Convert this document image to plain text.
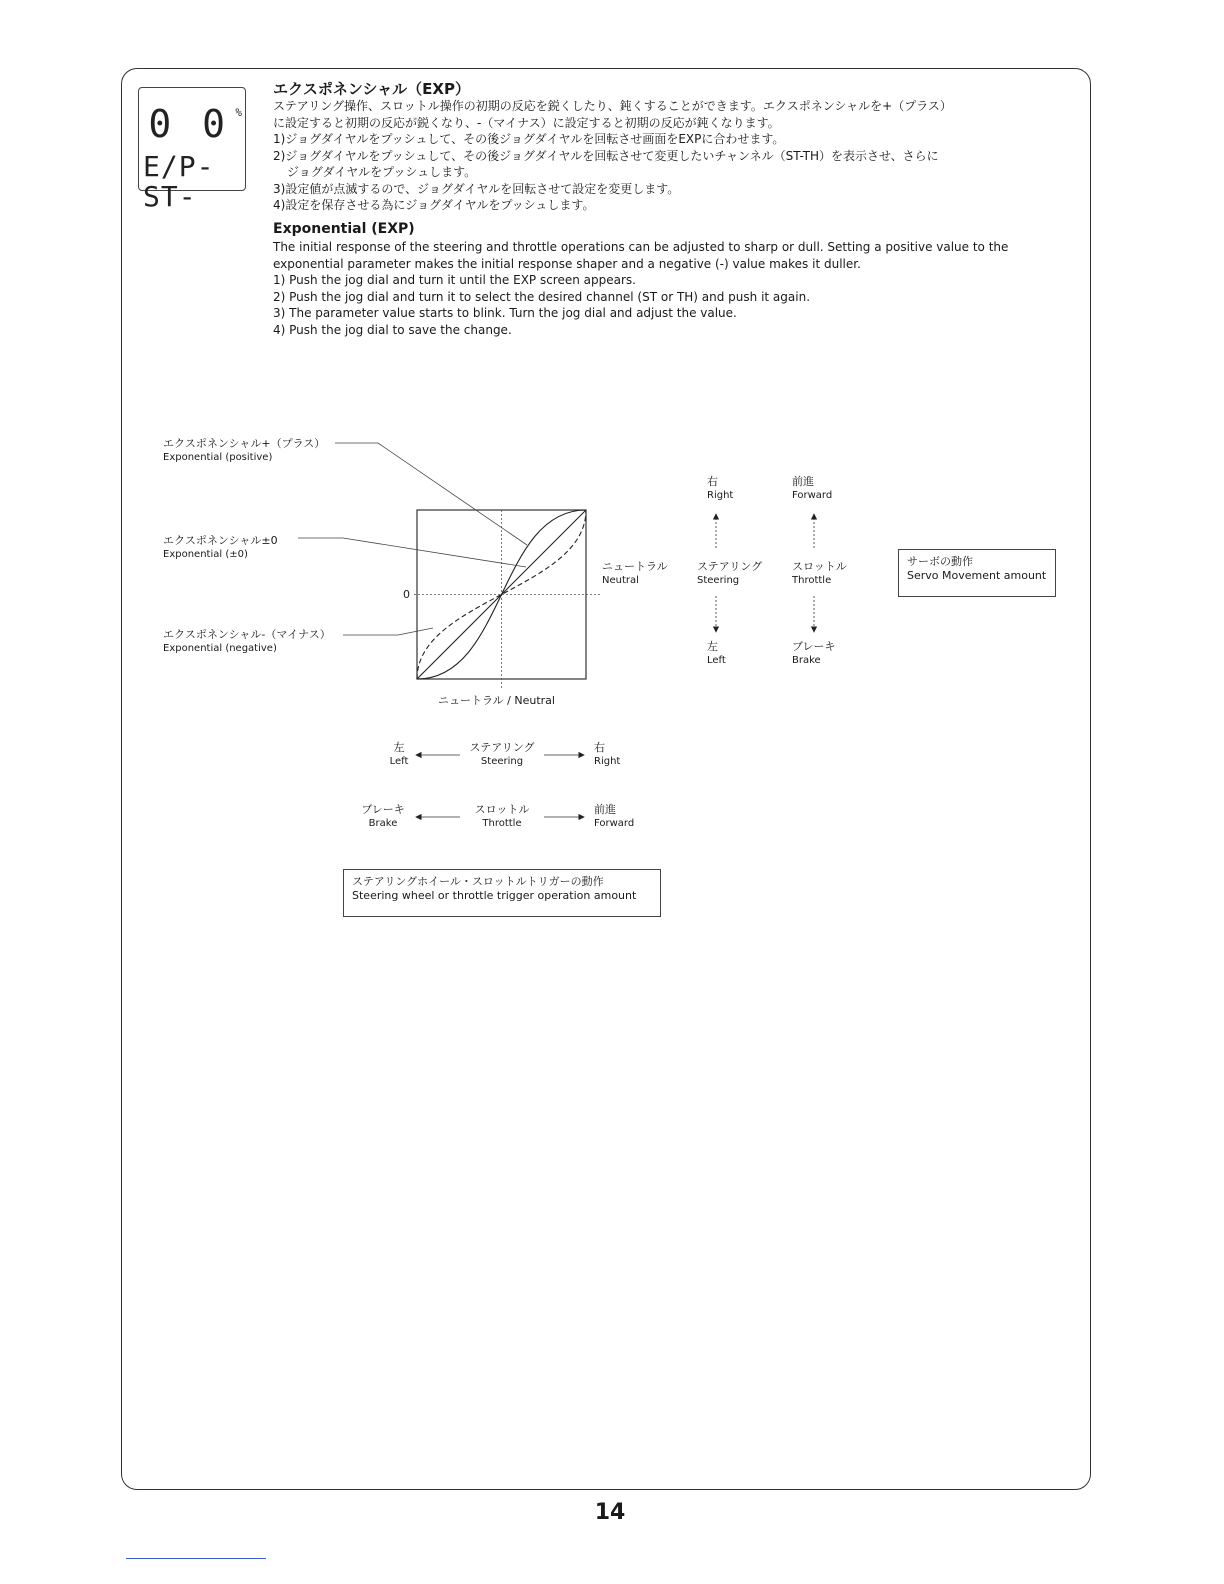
0 0 %
E∕P-ST-
エクスポネンシャル（EXP）
ステアリング操作、スロットル操作の初期の反応を鋭くしたり、鈍くすることができます。エクスポネンシャルを+（プラス）
に設定すると初期の反応が鋭くなり、-（マイナス）に設定すると初期の反応が鈍くなります。
1)ジョグダイヤルをプッシュして、その後ジョグダイヤルを回転させ画面をEXPに合わせます。
2)ジョグダイヤルをプッシュして、その後ジョグダイヤルを回転させて変更したいチャンネル（ST-TH）を表示させ、さらに
ジョグダイヤルをプッシュします。
3)設定値が点滅するので、ジョグダイヤルを回転させて設定を変更します。
4)設定を保存させる為にジョグダイヤルをプッシュします。
Exponential (EXP)
The initial response of the steering and throttle operations can be adjusted to sharp or dull. Setting a positive value to the
exponential parameter makes the initial response shaper and a negative (-) value makes it duller.
1) Push the jog dial and turn it until the EXP screen appears.
2) Push the jog dial and turn it to select the desired channel (ST or TH) and push it again.
3) The parameter value starts to blink. Turn the jog dial and adjust the value.
4) Push the jog dial to save the change.
エクスポネンシャル+（プラス）
Exponential (positive)
エクスポネンシャル±0
Exponential (±0)
エクスポネンシャル-（マイナス）
Exponential (negative)
0
ニュートラル / Neutral
右
Right
前進
Forward
ニュートラル
Neutral
ステアリング
Steering
スロットル
Throttle
左
Left
ブレーキ
Brake
サーボの動作
Servo Movement amount
左
Left
ステアリング
Steering
右
Right
ブレーキ
Brake
スロットル
Throttle
前進
Forward
ステアリングホイール・スロットルトリガーの動作
Steering wheel or throttle trigger operation amount
14
